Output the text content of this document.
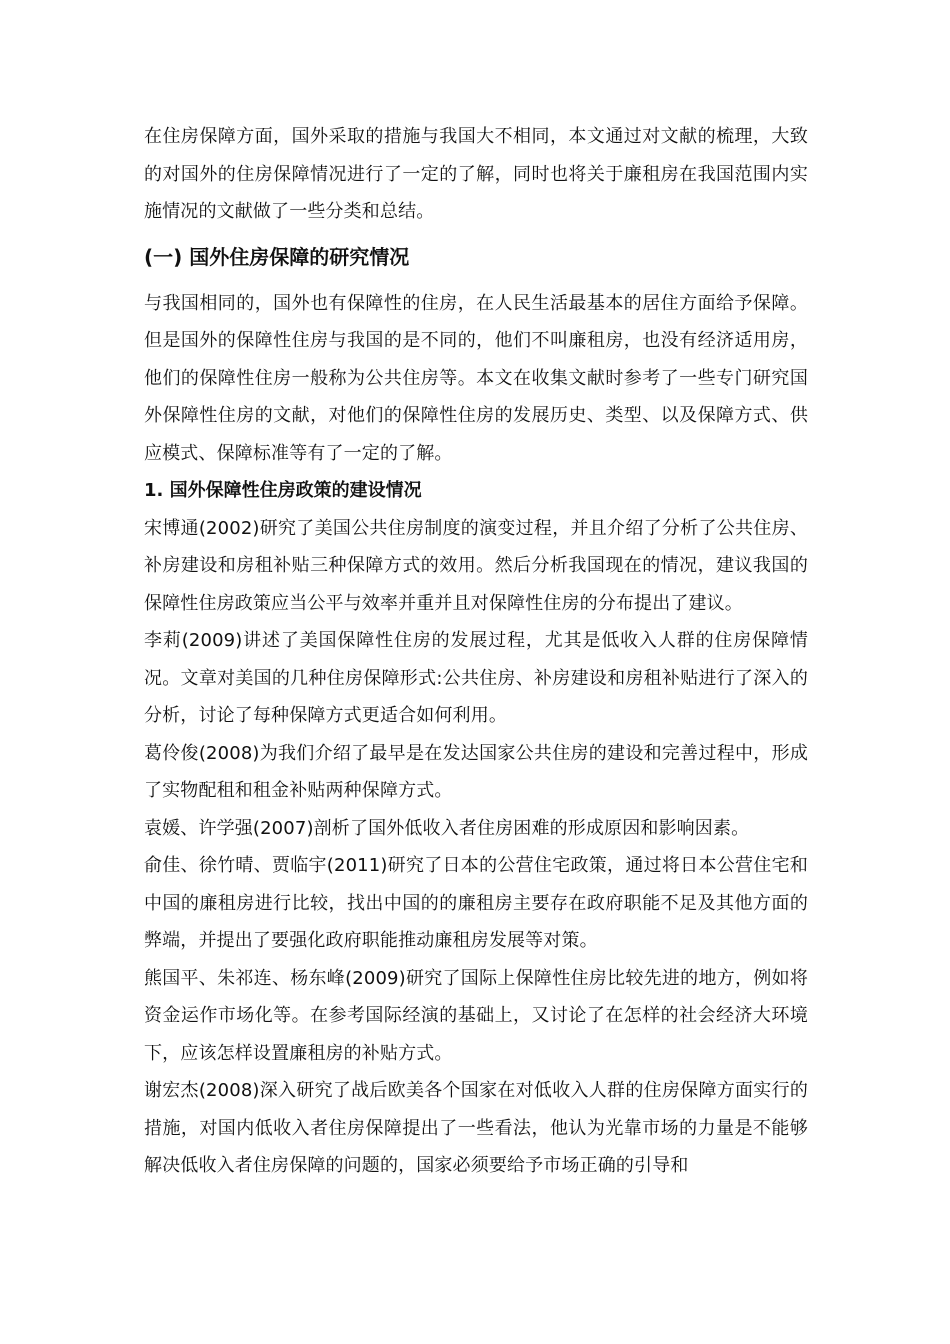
在住房保障方面，国外采取的措施与我国大不相同，本文通过对文献的梳理，大致的对国外的住房保障情况进行了一定的了解，同时也将关于廉租房在我国范围内实施情况的文献做了一些分类和总结。

(一) 国外住房保障的研究情况

与我国相同的，国外也有保障性的住房，在人民生活最基本的居住方面给予保障。但是国外的保障性住房与我国的是不同的，他们不叫廉租房，也没有经济适用房，他们的保障性住房一般称为公共住房等。本文在收集文献时参考了一些专门研究国外保障性住房的文献，对他们的保障性住房的发展历史、类型、以及保障方式、供应模式、保障标准等有了一定的了解。

1. 国外保障性住房政策的建设情况

宋博通(2002)研究了美国公共住房制度的演变过程，并且介绍了分析了公共住房、补房建设和房租补贴三种保障方式的效用。然后分析我国现在的情况，建议我国的保障性住房政策应当公平与效率并重并且对保障性住房的分布提出了建议。

李莉(2009)讲述了美国保障性住房的发展过程，尤其是低收入人群的住房保障情况。文章对美国的几种住房保障形式:公共住房、补房建设和房租补贴进行了深入的分析，讨论了每种保障方式更适合如何利用。

葛伶俊(2008)为我们介绍了最早是在发达国家公共住房的建设和完善过程中，形成了实物配租和租金补贴两种保障方式。

袁媛、许学强(2007)剖析了国外低收入者住房困难的形成原因和影响因素。

俞佳、徐竹晴、贾临宇(2011)研究了日本的公营住宅政策，通过将日本公营住宅和中国的廉租房进行比较，找出中国的的廉租房主要存在政府职能不足及其他方面的弊端，并提出了要强化政府职能推动廉租房发展等对策。

熊国平、朱祁连、杨东峰(2009)研究了国际上保障性住房比较先进的地方，例如将资金运作市场化等。在参考国际经演的基础上，又讨论了在怎样的社会经济大环境下，应该怎样设置廉租房的补贴方式。

谢宏杰(2008)深入研究了战后欧美各个国家在对低收入人群的住房保障方面实行的措施，对国内低收入者住房保障提出了一些看法，他认为光靠市场的力量是不能够解决低收入者住房保障的问题的，国家必须要给予市场正确的引导和
